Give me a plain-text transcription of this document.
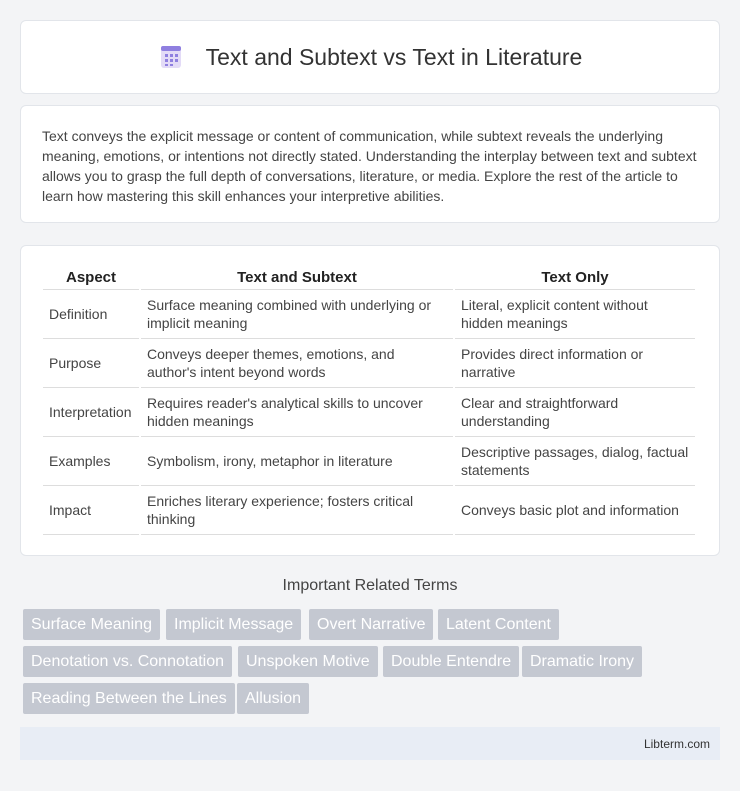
Text and Subtext vs Text in Literature

Text conveys the explicit message or content of communication, while subtext reveals the underlying meaning, emotions, or intentions not directly stated. Understanding the interplay between text and subtext allows you to grasp the full depth of conversations, literature, or media. Explore the rest of the article to learn how mastering this skill enhances your interpretive abilities.

Aspect	Text and Subtext	Text Only
Definition	Surface meaning combined with underlying or implicit meaning	Literal, explicit content without hidden meanings
Purpose	Conveys deeper themes, emotions, and author's intent beyond words	Provides direct information or narrative
Interpretation	Requires reader's analytical skills to uncover hidden meanings	Clear and straightforward understanding
Examples	Symbolism, irony, metaphor in literature	Descriptive passages, dialog, factual statements
Impact	Enriches literary experience; fosters critical thinking	Conveys basic plot and information
Important Related Terms
Surface Meaning	Implicit Message	Overt Narrative	Latent Content
Denotation vs. Connotation	Unspoken Motive	Double Entendre	Dramatic Irony
Reading Between the Lines	Allusion
Libterm.com
